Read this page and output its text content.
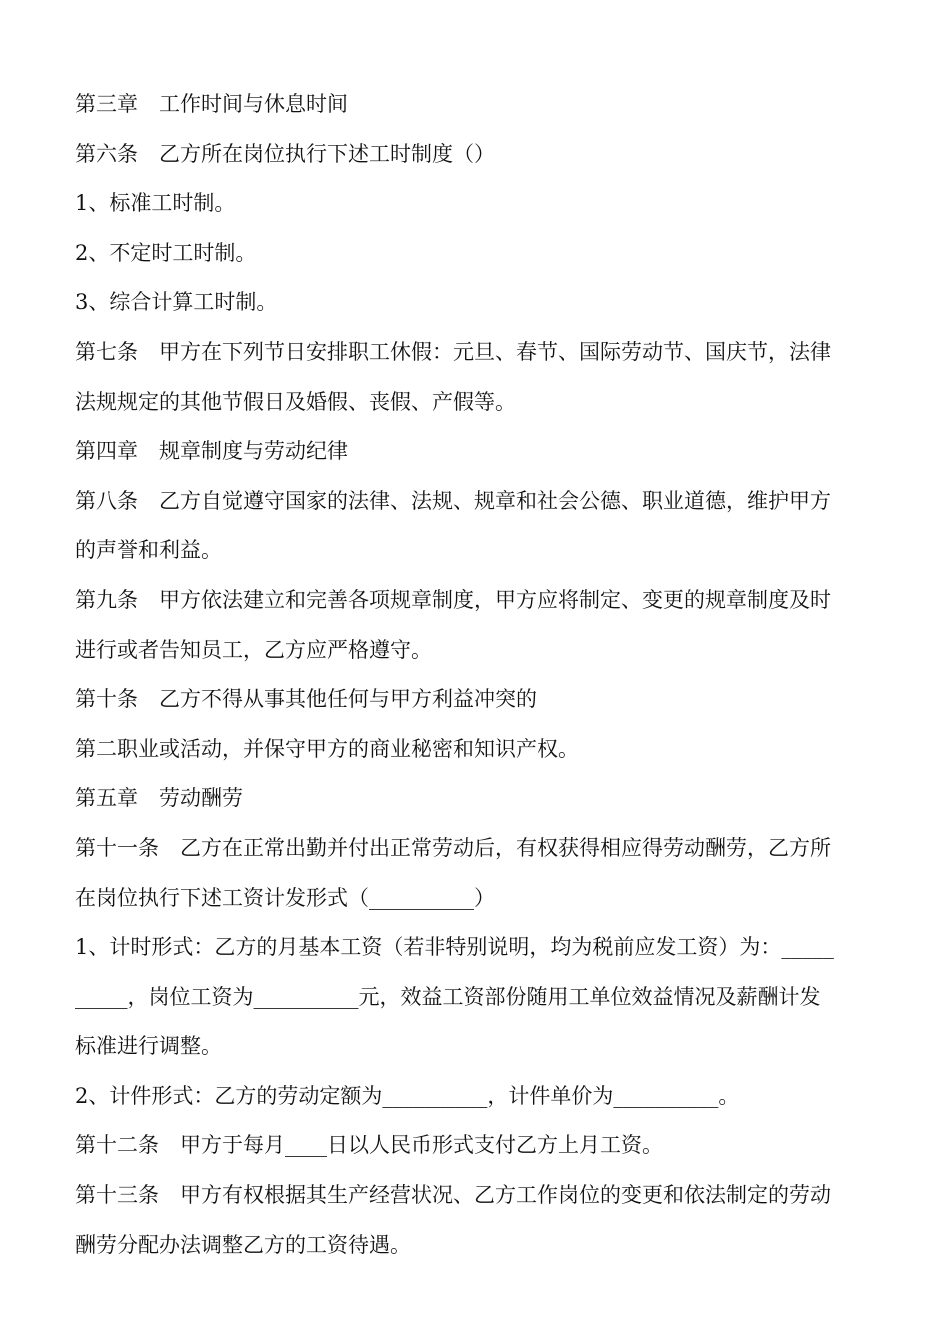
第三章　工作时间与休息时间
第六条　乙方所在岗位执行下述工时制度（）
1、标准工时制。
2、不定时工时制。
3、综合计算工时制。
第七条　甲方在下列节日安排职工休假：元旦、春节、国际劳动节、国庆节，法律
法规规定的其他节假日及婚假、丧假、产假等。
第四章　规章制度与劳动纪律
第八条　乙方自觉遵守国家的法律、法规、规章和社会公德、职业道德，维护甲方
的声誉和利益。
第九条　甲方依法建立和完善各项规章制度，甲方应将制定、变更的规章制度及时
进行或者告知员工，乙方应严格遵守。
第十条　乙方不得从事其他任何与甲方利益冲突的
第二职业或活动，并保守甲方的商业秘密和知识产权。
第五章　劳动酬劳
第十一条　乙方在正常出勤并付出正常劳动后，有权获得相应得劳动酬劳，乙方所
在岗位执行下述工资计发形式（__________）
1、计时形式：乙方的月基本工资（若非特别说明，均为税前应发工资）为：_____
_____，岗位工资为__________元，效益工资部份随用工单位效益情况及薪酬计发
标准进行调整。
2、计件形式：乙方的劳动定额为__________，计件单价为__________。
第十二条　甲方于每月____日以人民币形式支付乙方上月工资。
第十三条　甲方有权根据其生产经营状况、乙方工作岗位的变更和依法制定的劳动
酬劳分配办法调整乙方的工资待遇。
